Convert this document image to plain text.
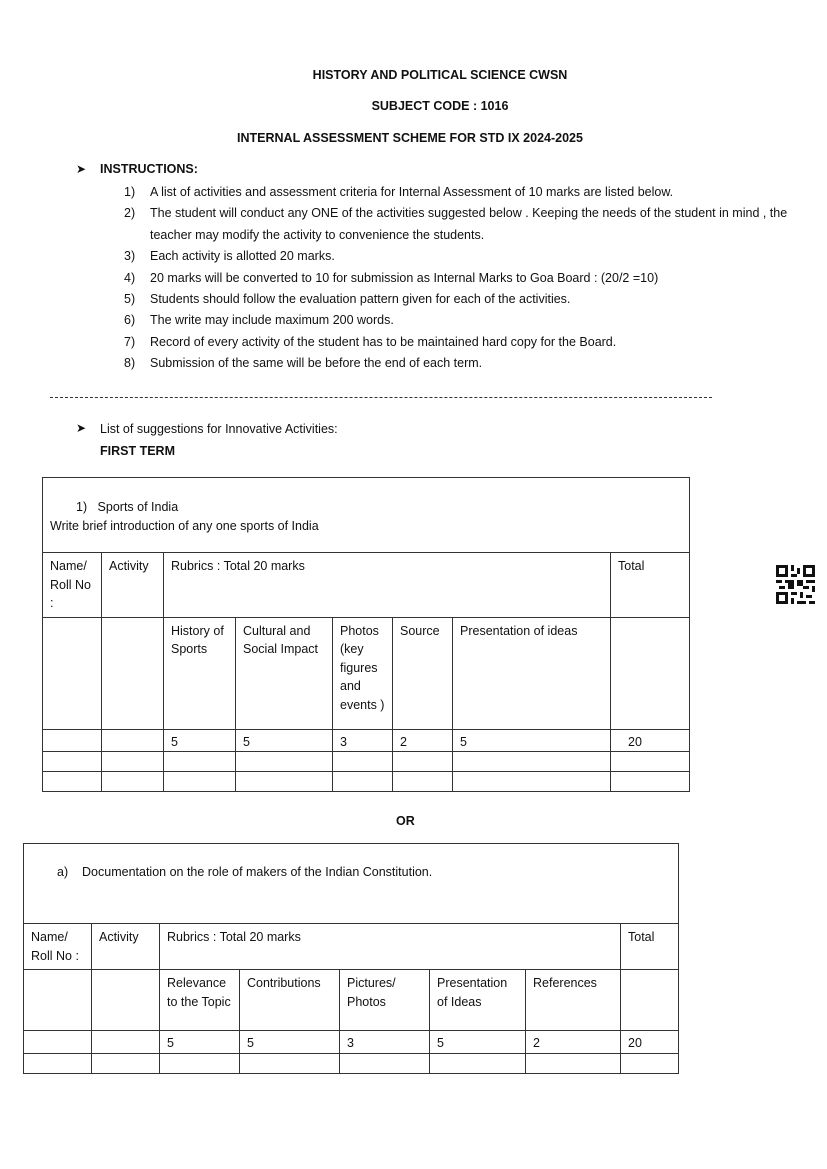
HISTORY AND POLITICAL SCIENCE CWSN
SUBJECT CODE : 1016
INTERNAL ASSESSMENT SCHEME FOR STD IX 2024-2025
➤ INSTRUCTIONS:
1) A list of activities and assessment criteria for Internal Assessment of 10 marks are listed below.
2) The student will conduct any ONE of the activities suggested below . Keeping the needs of the student in mind , the teacher may modify the activity to convenience the students.
3) Each activity is allotted 20 marks.
4) 20 marks will be converted to 10 for submission as Internal Marks to Goa Board : (20/2 =10)
5) Students should follow the evaluation pattern given for each of the activities.
6) The write may include maximum 200 words.
7) Record of every activity of the student has to be maintained hard copy for the Board.
8) Submission of the same will be before the end of each term.
➤ List of suggestions for Innovative Activities:
FIRST TERM
1) Sports of India
Write brief introduction of any one sports of India							

Name/ Roll No :	Activity	Rubrics : Total 20 marks					Total
		History of Sports	Cultural and Social Impact	Photos (key figures and events )	Source	Presentation of ideas	
		5	5	3	2	5	20

OR
a) Documentation on the role of makers of the Indian Constitution.							
Name/ Roll No :	Activity	Rubrics : Total 20 marks					Total
		Relevance to the Topic	Contributions	Pictures/ Photos	Presentation of Ideas	References	
		5	5	3	5	2	20
